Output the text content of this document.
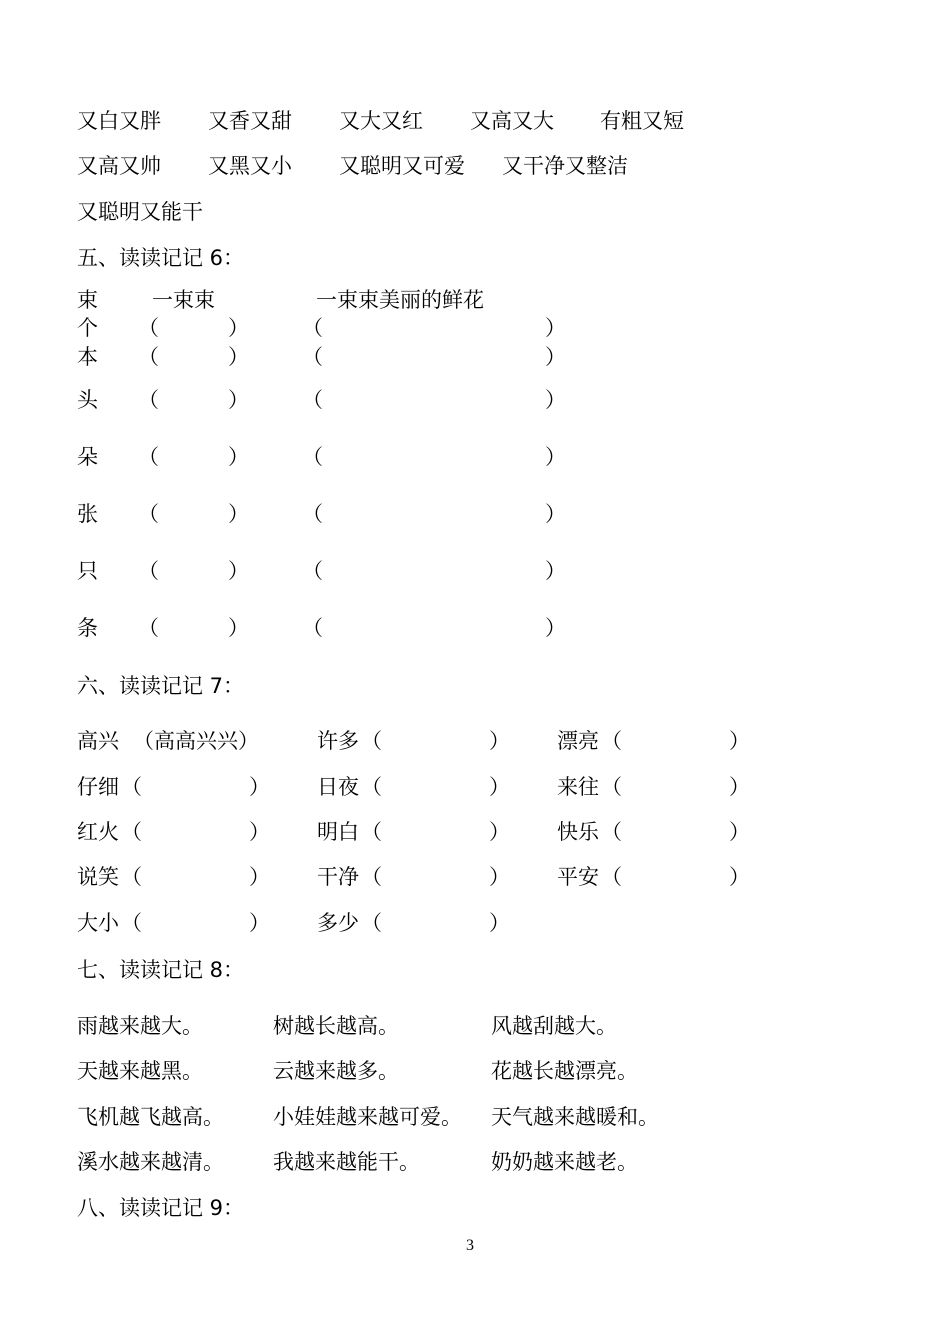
又白又胖 又香又甜 又大又红 又高又大 有粗又短
又高又帅 又黑又小 又聪明又可爱 又干净又整洁
又聪明又能干
五、读读记记 6：
束	一束束	一束束美丽的鲜花
个 （	）	（	）
本 （	）	（	）
头 （	）	（	）
朵 （	）	（	）
张 （	）	（	）
只 （	）	（	）
条 （	）	（	）
六、读读记记 7：
高兴 （高高兴兴）	许多 （	） 漂亮 （	）
仔细 （	） 日夜 （	） 来往 （	）
红火 （	） 明白 （	） 快乐 （	）
说笑 （	） 干净 （	） 平安 （	）
大小 （	） 多少 （	）
七、读读记记 8：
雨越来越大。	树越长越高。	风越刮越大。
天越来越黑。	云越来越多。	花越长越漂亮。
飞机越飞越高。 小娃娃越来越可爱。 天气越来越暖和。
溪水越来越清。 我越来越能干。	奶奶越来越老。
八、读读记记 9：
3
